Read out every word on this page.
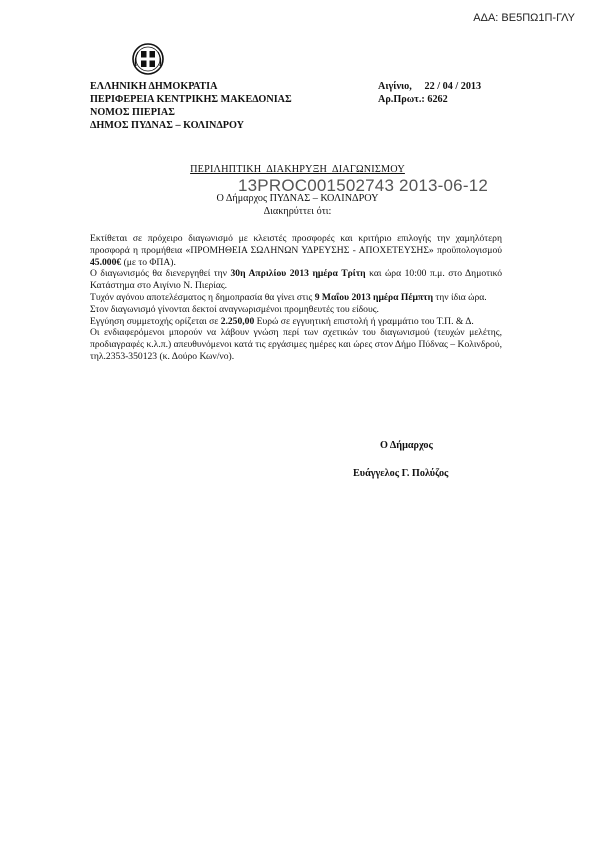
ΑΔΑ: ΒΕ5ΠΩ1Π-ΓΛΥ
ΕΛΛΗΝΙΚΗ ΔΗΜΟΚΡΑΤΙΑ
ΠΕΡΙΦΕΡΕΙΑ ΚΕΝΤΡΙΚΗΣ ΜΑΚΕΔΟΝΙΑΣ
ΝΟΜΟΣ ΠΙΕΡΙΑΣ
ΔΗΜΟΣ ΠΥΔΝΑΣ – ΚΟΛΙΝΔΡΟΥ
Αιγίνιο,     22 / 04 / 2013
Αρ.Πρωτ.: 6262
ΠΕΡΙΛΗΠΤΙΚΗ  ΔΙΑΚΗΡΥΞΗ  ΔΙΑΓΩΝΙΣΜΟΥ
Ο Δήμαρχος ΠΥΔΝΑΣ – ΚΟΛΙΝΔΡΟΥ
13PROC001502743 2013-06-12
Διακηρύττει ότι:

Εκτίθεται σε πρόχειρο διαγωνισμό με κλειστές προσφορές και κριτήριο επιλογής την χαμηλότερη προσφορά η προμήθεια «ΠΡΟΜΗΘΕΙΑ ΣΩΛΗΝΩΝ ΥΔΡΕΥΣΗΣ - ΑΠΟΧΕΤΕΥΣΗΣ» προϋπολογισμού 45.000€ (με το ΦΠΑ).

Ο διαγωνισμός θα διενεργηθεί την 30η Απριλίου 2013 ημέρα Τρίτη και ώρα 10:00 π.μ. στο Δημοτικό Κατάστημα στο Αιγίνιο Ν. Πιερίας.

Τυχόν αγόνου αποτελέσματος η δημοπρασία θα γίνει στις 9 Μαΐου 2013 ημέρα Πέμπτη την ίδια ώρα.

Στον διαγωνισμό γίνονται δεκτοί αναγνωρισμένοι προμηθευτές του είδους.

Εγγύηση συμμετοχής ορίζεται σε 2.250,00 Ευρώ σε εγγυητική επιστολή ή γραμμάτιο του Τ.Π. & Δ.

Οι ενδιαφερόμενοι μπορούν να λάβουν γνώση περί των σχετικών του διαγωνισμού (τευχών μελέτης, προδιαγραφές κ.λ.π.) απευθυνόμενοι κατά τις εργάσιμες ημέρες και ώρες στον Δήμο Πύδνας – Κολινδρού, τηλ.2353-350123 (κ. Δούρο Κων/νο).

Ο Δήμαρχος
Ευάγγελος Γ. Πολύζος
